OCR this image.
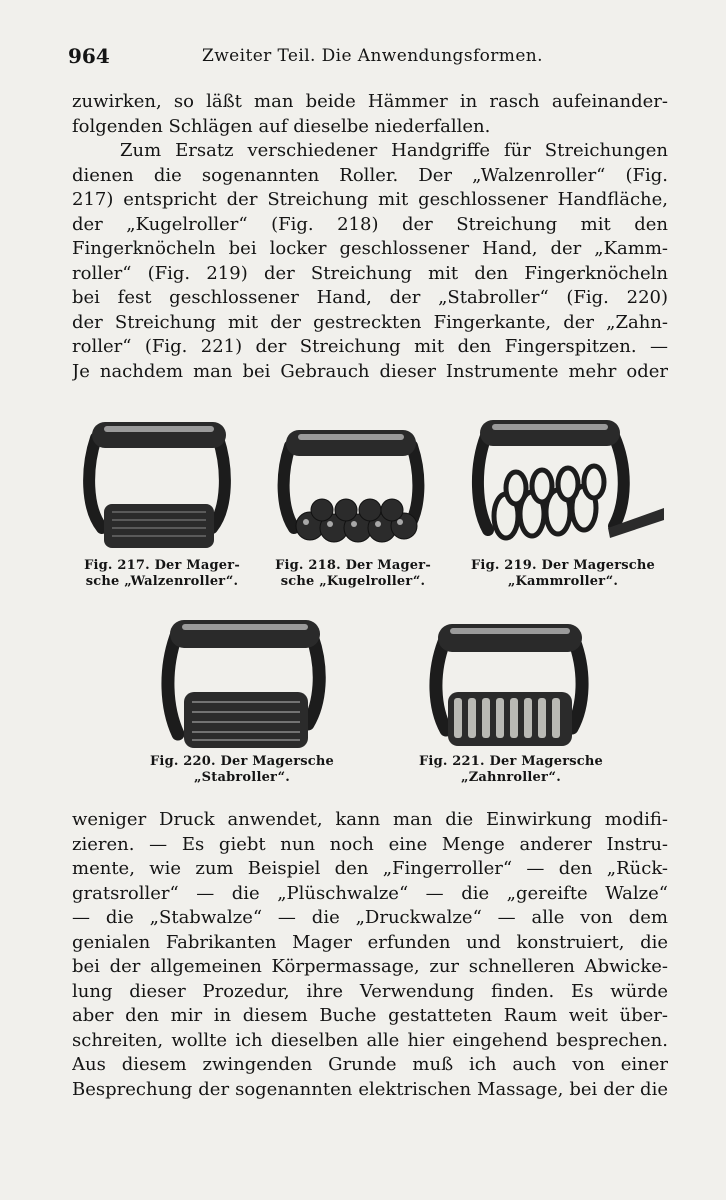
964	Zweiter Teil. Die Anwendungsformen.
zuwirken, so läßt man beide Hämmer in rasch aufeinander-
folgenden Schlägen auf dieselbe niederfallen.
Zum Ersatz verschiedener Handgriffe für Streichungen
dienen die sogenannten Roller. Der „Walzenroller“ (Fig.
217) entspricht der Streichung mit geschlossener Handfläche,
der „Kugelroller“ (Fig. 218) der Streichung mit den
Fingerknöcheln bei locker geschlossener Hand, der „Kamm-
roller“ (Fig. 219) der Streichung mit den Fingerknöcheln
bei fest geschlossener Hand, der „Stabroller“ (Fig. 220)
der Streichung mit der gestreckten Fingerkante, der „Zahn-
roller“ (Fig. 221) der Streichung mit den Fingerspitzen. —
Je nachdem man bei Gebrauch dieser Instrumente mehr oder
Fig. 217. Der Mager-
sche „Walzenroller“.
Fig. 218. Der Mager-
sche „Kugelroller“.
Fig. 219. Der Magersche
„Kammroller“.
Fig. 220. Der Magersche
„Stabroller“.
Fig. 221. Der Magersche
„Zahnroller“.
weniger Druck anwendet, kann man die Einwirkung modifi-
zieren. — Es giebt nun noch eine Menge anderer Instru-
mente, wie zum Beispiel den „Fingerroller“ — den „Rück-
gratsroller“ — die „Plüschwalze“ — die „gereifte Walze“
— die „Stabwalze“ — die „Druckwalze“ — alle von dem
genialen Fabrikanten Mager erfunden und konstruiert, die
bei der allgemeinen Körpermassage, zur schnelleren Abwicke-
lung dieser Prozedur, ihre Verwendung finden. Es würde
aber den mir in diesem Buche gestatteten Raum weit über-
schreiten, wollte ich dieselben alle hier eingehend besprechen.
Aus diesem zwingenden Grunde muß ich auch von einer
Besprechung der sogenannten elektrischen Massage, bei der die
